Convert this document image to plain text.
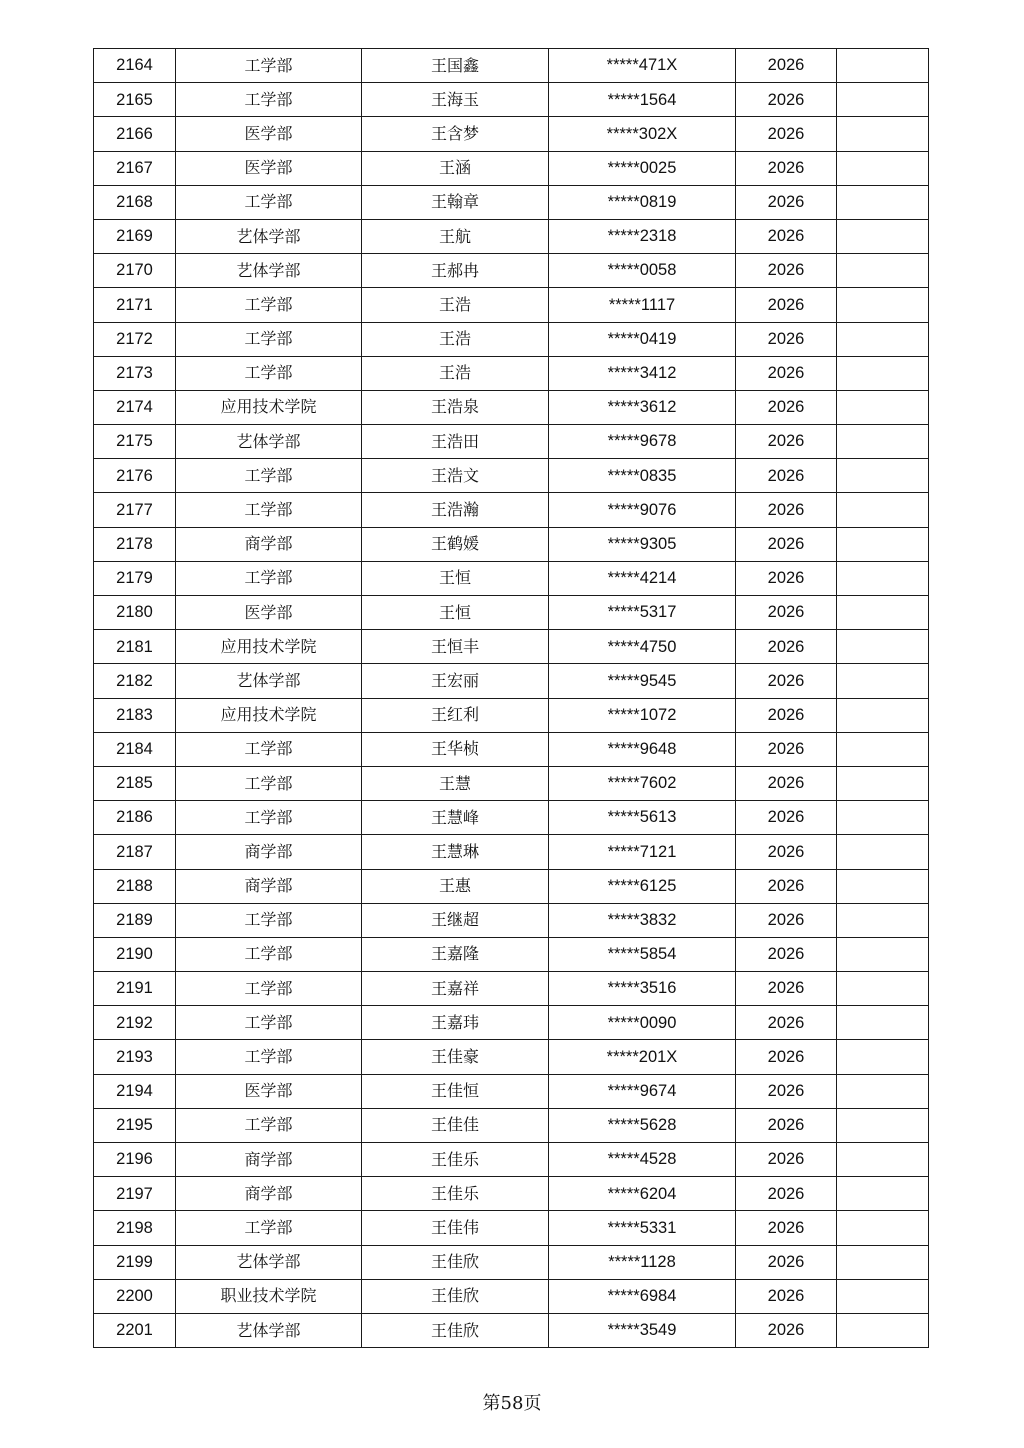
2164	工学部	王国鑫	*****471X	2026	
2165	工学部	王海玉	*****1564	2026	
2166	医学部	王含梦	*****302X	2026	
2167	医学部	王涵	*****0025	2026	
2168	工学部	王翰章	*****0819	2026	
2169	艺体学部	王航	*****2318	2026	
2170	艺体学部	王郝冉	*****0058	2026	
2171	工学部	王浩	*****1117	2026	
2172	工学部	王浩	*****0419	2026	
2173	工学部	王浩	*****3412	2026	
2174	应用技术学院	王浩泉	*****3612	2026	
2175	艺体学部	王浩田	*****9678	2026	
2176	工学部	王浩文	*****0835	2026	
2177	工学部	王浩瀚	*****9076	2026	
2178	商学部	王鹤媛	*****9305	2026	
2179	工学部	王恒	*****4214	2026	
2180	医学部	王恒	*****5317	2026	
2181	应用技术学院	王恒丰	*****4750	2026	
2182	艺体学部	王宏丽	*****9545	2026	
2183	应用技术学院	王红利	*****1072	2026	
2184	工学部	王华桢	*****9648	2026	
2185	工学部	王慧	*****7602	2026	
2186	工学部	王慧峰	*****5613	2026	
2187	商学部	王慧琳	*****7121	2026	
2188	商学部	王惠	*****6125	2026	
2189	工学部	王继超	*****3832	2026	
2190	工学部	王嘉隆	*****5854	2026	
2191	工学部	王嘉祥	*****3516	2026	
2192	工学部	王嘉玮	*****0090	2026	
2193	工学部	王佳豪	*****201X	2026	
2194	医学部	王佳恒	*****9674	2026	
2195	工学部	王佳佳	*****5628	2026	
2196	商学部	王佳乐	*****4528	2026	
2197	商学部	王佳乐	*****6204	2026	
2198	工学部	王佳伟	*****5331	2026	
2199	艺体学部	王佳欣	*****1128	2026	
2200	职业技术学院	王佳欣	*****6984	2026	
2201	艺体学部	王佳欣	*****3549	2026	
第58页
